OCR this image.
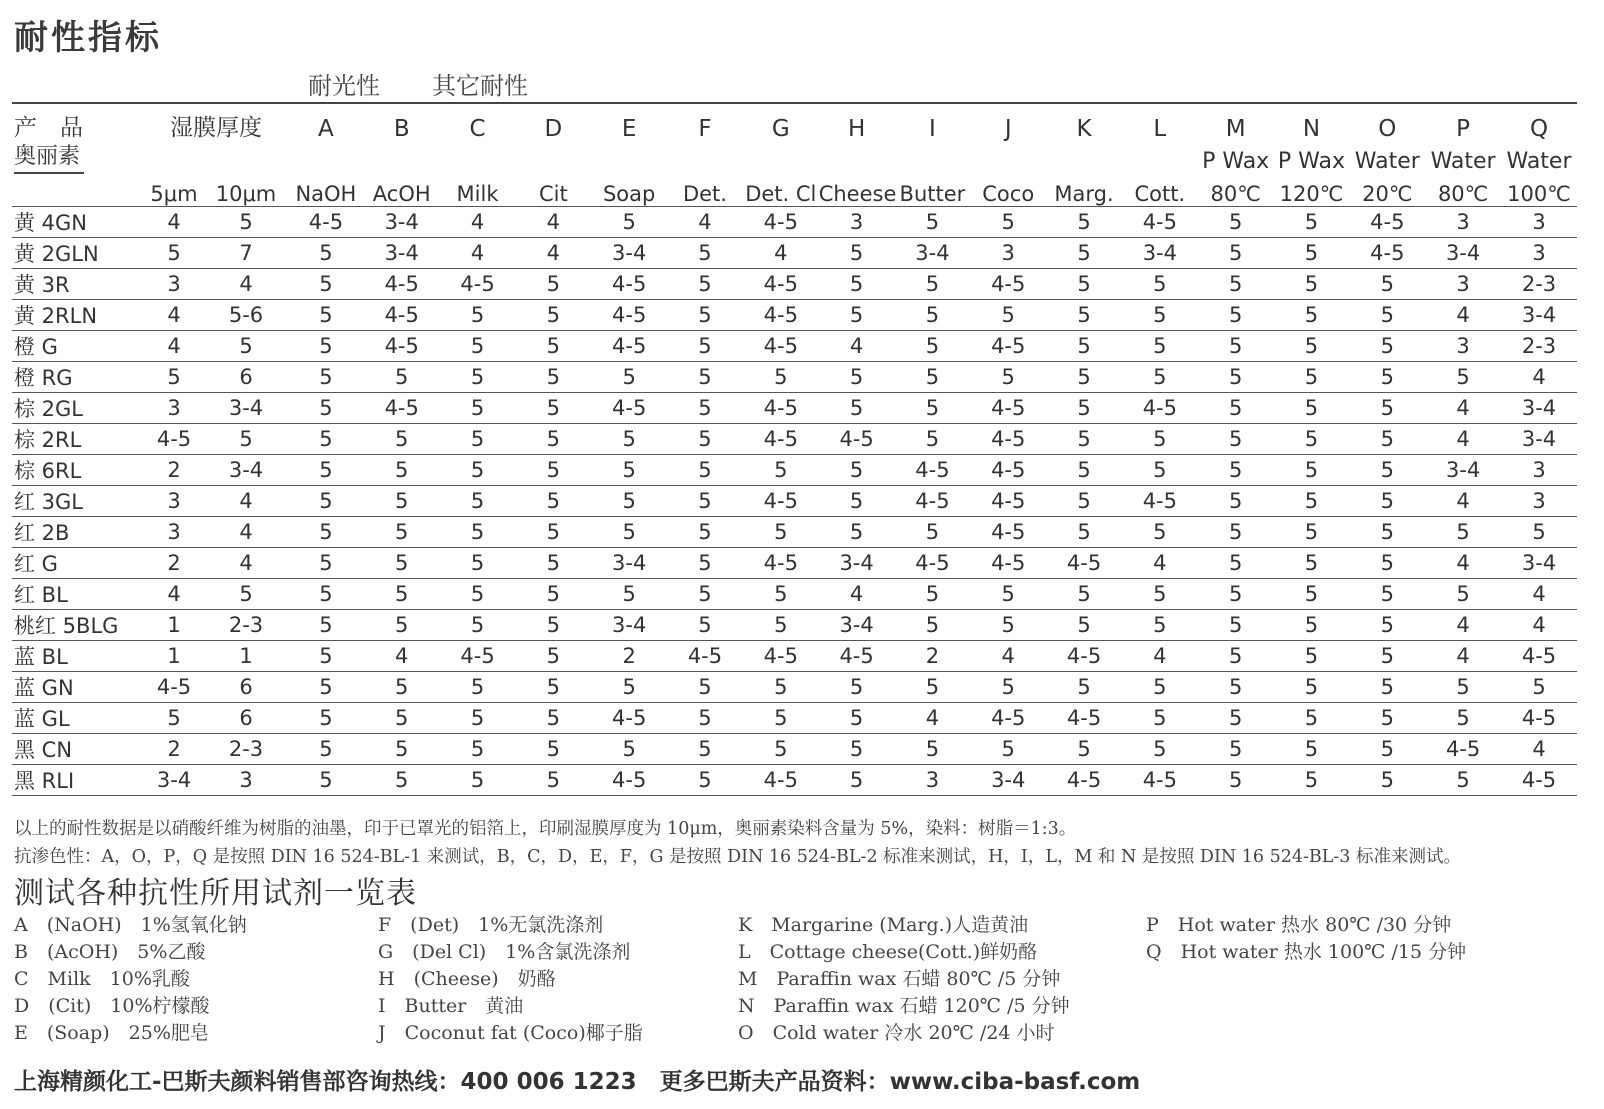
耐性指标
耐光性 其它耐性
产　品	湿膜厚度		A	B	C	D	E	F	G	H	I	J	K	L	M	N	O	P	Q
奥丽素															P Wax	P Wax	Water	Water	Water
	5μm	10μm	NaOH	AcOH	Milk	Cit	Soap	Det.	Det. Cl	Cheese	Butter	Coco	Marg.	Cott.	80℃	120℃	20℃	80℃	100℃
黄 4GN	4	5	4-5	3-4	4	4	5	4	4-5	3	5	5	5	4-5	5	5	4-5	3	3
黄 2GLN	5	7	5	3-4	4	4	3-4	5	4	5	3-4	3	5	3-4	5	5	4-5	3-4	3
黄 3R	3	4	5	4-5	4-5	5	4-5	5	4-5	5	5	4-5	5	5	5	5	5	3	2-3
黄 2RLN	4	5-6	5	4-5	5	5	4-5	5	4-5	5	5	5	5	5	5	5	5	4	3-4
橙 G	4	5	5	4-5	5	5	4-5	5	4-5	4	5	4-5	5	5	5	5	5	3	2-3
橙 RG	5	6	5	5	5	5	5	5	5	5	5	5	5	5	5	5	5	5	4
棕 2GL	3	3-4	5	4-5	5	5	4-5	5	4-5	5	5	4-5	5	4-5	5	5	5	4	3-4
棕 2RL	4-5	5	5	5	5	5	5	5	4-5	4-5	5	4-5	5	5	5	5	5	4	3-4
棕 6RL	2	3-4	5	5	5	5	5	5	5	5	4-5	4-5	5	5	5	5	5	3-4	3
红 3GL	3	4	5	5	5	5	5	5	4-5	5	4-5	4-5	5	4-5	5	5	5	4	3
红 2B	3	4	5	5	5	5	5	5	5	5	5	4-5	5	5	5	5	5	5	5
红 G	2	4	5	5	5	5	3-4	5	4-5	3-4	4-5	4-5	4-5	4	5	5	5	4	3-4
红 BL	4	5	5	5	5	5	5	5	5	4	5	5	5	5	5	5	5	5	4
桃红 5BLG	1	2-3	5	5	5	5	3-4	5	5	3-4	5	5	5	5	5	5	5	4	4
蓝 BL	1	1	5	4	4-5	5	2	4-5	4-5	4-5	2	4	4-5	4	5	5	5	4	4-5
蓝 GN	4-5	6	5	5	5	5	5	5	5	5	5	5	5	5	5	5	5	5	5
蓝 GL	5	6	5	5	5	5	4-5	5	5	5	4	4-5	4-5	5	5	5	5	5	4-5
黑 CN	2	2-3	5	5	5	5	5	5	5	5	5	5	5	5	5	5	5	4-5	4
黑 RLI	3-4	3	5	5	5	5	4-5	5	4-5	5	3	3-4	4-5	4-5	5	5	5	5	4-5
以上的耐性数据是以硝酸纤维为树脂的油墨，印于已罩光的铝箔上，印刷湿膜厚度为 10μm，奥丽素染料含量为 5%，染料：树脂＝1:3。
抗渗色性：A，O，P，Q 是按照 DIN 16 524-BL-1 来测试，B，C，D，E，F，G 是按照 DIN 16 524-BL-2 标准来测试，H，I，L，M 和 N 是按照 DIN 16 524-BL-3 标准来测试。
测试各种抗性所用试剂一览表
A　(NaOH)　1%氢氧化钠
B　(AcOH)　5%乙酸
C　Milk　10%乳酸
D　(Cit)　10%柠檬酸
E　(Soap)　25%肥皂
F　(Det)　1%无氯洗涤剂
G　(Del Cl)　1%含氯洗涤剂
H　(Cheese)　奶酪
I　Butter　黄油
J　Coconut fat (Coco)椰子脂
K　Margarine (Marg.)人造黄油
L　Cottage cheese(Cott.)鲜奶酪
M　Paraffin wax 石蜡 80℃ /5 分钟
N　Paraffin wax 石蜡 120℃ /5 分钟
O　Cold water 冷水 20℃ /24 小时
P　Hot water 热水 80℃ /30 分钟
Q　Hot water 热水 100℃ /15 分钟
上海精颜化工-巴斯夫颜料销售部咨询热线：400 006 1223　更多巴斯夫产品资料：www.ciba-basf.com
